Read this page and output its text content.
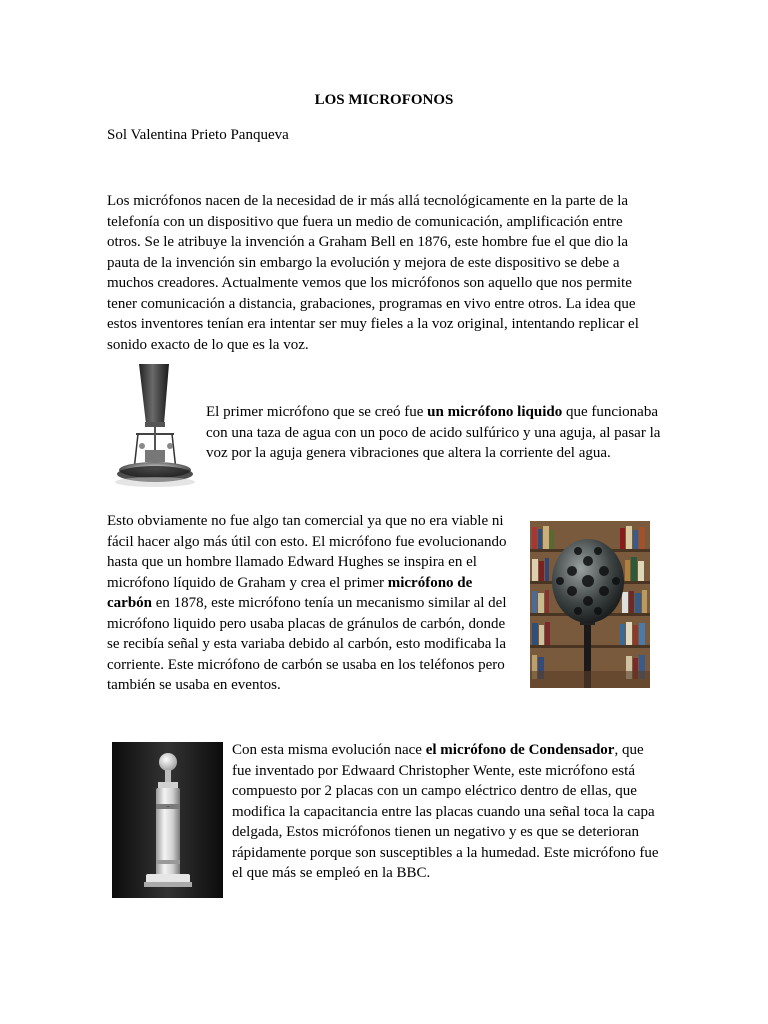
LOS MICROFONOS
Sol Valentina Prieto Panqueva

Los micrófonos nacen de la necesidad de ir más allá tecnológicamente en la parte de la telefonía con un dispositivo que fuera un medio de comunicación, amplificación entre otros. Se le atribuye la invención a Graham Bell en 1876, este hombre fue el que dio la pauta de la invención sin embargo la evolución y mejora de este dispositivo se debe a muchos creadores. Actualmente vemos que los micrófonos son aquello que nos permite tener comunicación a distancia, grabaciones, programas en vivo entre otros. La idea que estos inventores tenían era intentar ser muy fieles a la voz original, intentando replicar el sonido exacto de lo que es la voz.

El primer micrófono que se creó fue un micrófono liquido que funcionaba con una taza de agua con un poco de acido sulfúrico y una aguja, al pasar la voz por la aguja genera vibraciones que altera la corriente del agua.

Esto obviamente no fue algo tan comercial ya que no era viable ni fácil hacer algo más útil con esto. El micrófono fue evolucionando hasta que un hombre llamado Edward Hughes se inspira en el micrófono líquido de Graham y crea el primer micrófono de carbón en 1878, este micrófono tenía un mecanismo similar al del micrófono liquido pero usaba placas de gránulos de carbón, donde se recibía señal y esta variaba debido al carbón, esto modificaba la corriente. Este micrófono de carbón se usaba en los teléfonos pero también se usaba en eventos.

~

Con esta misma evolución nace el micrófono de Condensador, que fue inventado por Edwaard Christopher Wente, este micrófono está compuesto por 2 placas con un campo eléctrico dentro de ellas, que modifica la capacitancia entre las placas cuando una señal toca la capa delgada, Estos micrófonos tienen un negativo y es que se deterioran rápidamente porque son susceptibles a la humedad. Este micrófono fue el que más se empleó en la BBC.
